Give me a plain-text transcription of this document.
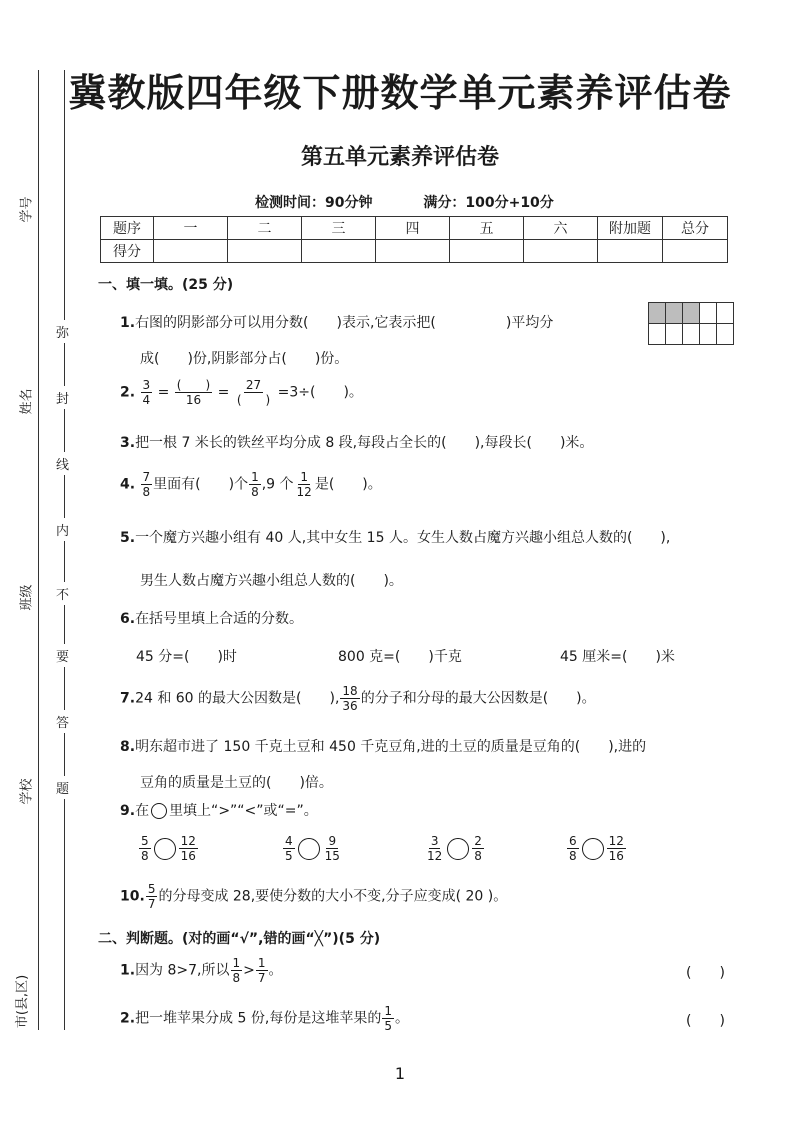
学号
姓名
班级
学校
市(县,区)
弥
封
线
内
不
要
答
题
冀教版四年级下册数学单元素养评估卷
第五单元素养评估卷
检测时间：90分钟	满分：100分+10分
题序	一	二	三	四	五	六	附加题	总分
得分								
一、填一填。(25 分)
1.右图的阴影部分可以用分数(　　)表示,它表示把(　　　　　)平均分

成(　　)份,阴影部分占(　　)份。
2. $\frac{3}{4} = \frac{( )}{16} = \frac{27}{( )} =3\div$(　　)。
3.把一根 7 米长的铁丝平均分成 8 段,每段占全长的(　　),每段长(　　)米。
4. $\frac{7}{8}$ 里面有(　　)个 $\frac{1}{8} ,9$ 个 $\frac{1}{12}$ 是(　　)。
5.一个魔方兴趣小组有 40 人,其中女生 15 人。女生人数占魔方兴趣小组总人数的(　　),
男生人数占魔方兴趣小组总人数的(　　)。
6.在括号里填上合适的分数。
45 分=(　　)时	800 克=(　　)千克	45 厘米=(　　)米
7.24 和 60 的最大公因数是(　　), $\frac{18}{36}$ 的分子和分母的最大公因数是(　　)。
8.明东超市进了 150 千克土豆和 450 千克豆角,进的土豆的质量是豆角的(　　),进的
豆角的质量是土豆的(　　)倍。
9.在 里填上“>”“<”或“=”。
$\frac{5}{8} \frac{12}{16}$	$\frac{4}{5} \frac{9}{15}$	$\frac{3}{12} \frac{2}{8}$	$\frac{6}{8} \frac{12}{16}$
10. $\frac{5}{7}$ 的分母变成 28,要使分数的大小不变,分子应变成( 20 )。
二、判断题。(对的画“√”,错的画“╳”)(5 分)
1.因为 8>7,所以 $\frac{1}{8} > \frac{1}{7}$ 。	(　　)
2.把一堆苹果分成 5 份,每份是这堆苹果的 $\frac{1}{5}$ 。	(　　)
1
